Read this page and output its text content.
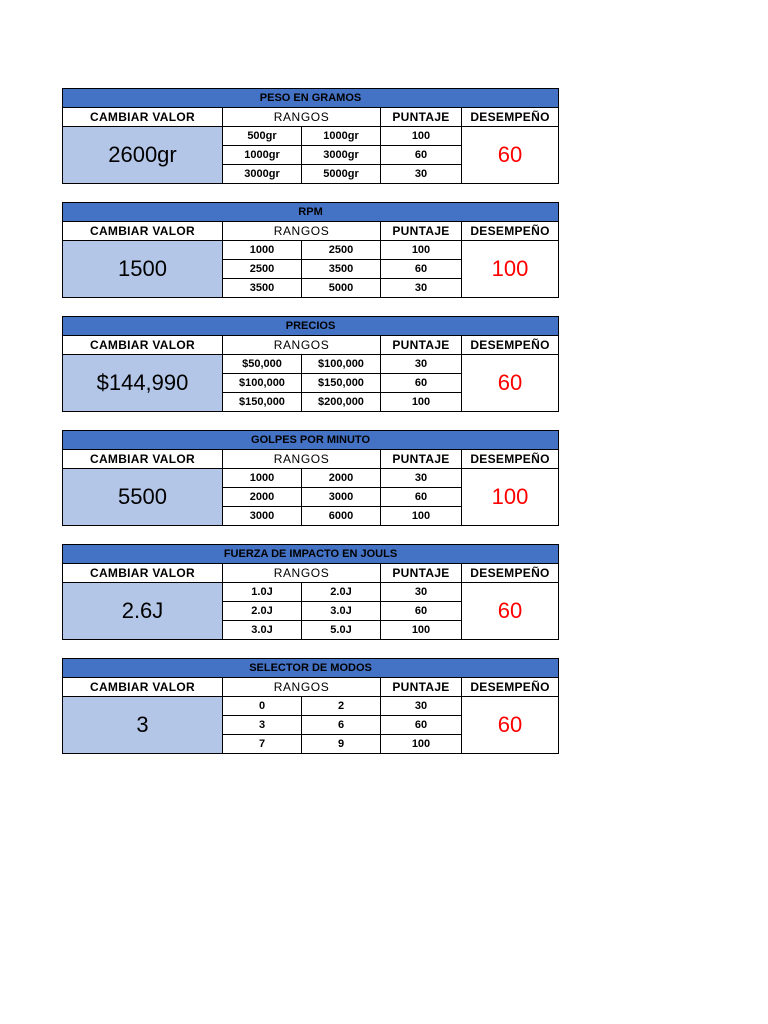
PESO EN GRAMOS				
CAMBIAR VALOR	RANGOS		PUNTAJE	DESEMPEÑO
2600gr	500gr	1000gr	100	60
	1000gr	3000gr	60	
	3000gr	5000gr	30	
RPM				
CAMBIAR VALOR	RANGOS		PUNTAJE	DESEMPEÑO
1500	1000	2500	100	100
	2500	3500	60	
	3500	5000	30	
PRECIOS				
CAMBIAR VALOR	RANGOS		PUNTAJE	DESEMPEÑO
$144,990	$50,000	$100,000	30	60
	$100,000	$150,000	60	
	$150,000	$200,000	100	
GOLPES POR MINUTO				
CAMBIAR VALOR	RANGOS		PUNTAJE	DESEMPEÑO
5500	1000	2000	30	100
	2000	3000	60	
	3000	6000	100	
FUERZA DE IMPACTO EN JOULS				
CAMBIAR VALOR	RANGOS		PUNTAJE	DESEMPEÑO
2.6J	1.0J	2.0J	30	60
	2.0J	3.0J	60	
	3.0J	5.0J	100	
SELECTOR DE MODOS				
CAMBIAR VALOR	RANGOS		PUNTAJE	DESEMPEÑO
3	0	2	30	60
	3	6	60	
	7	9	100	
